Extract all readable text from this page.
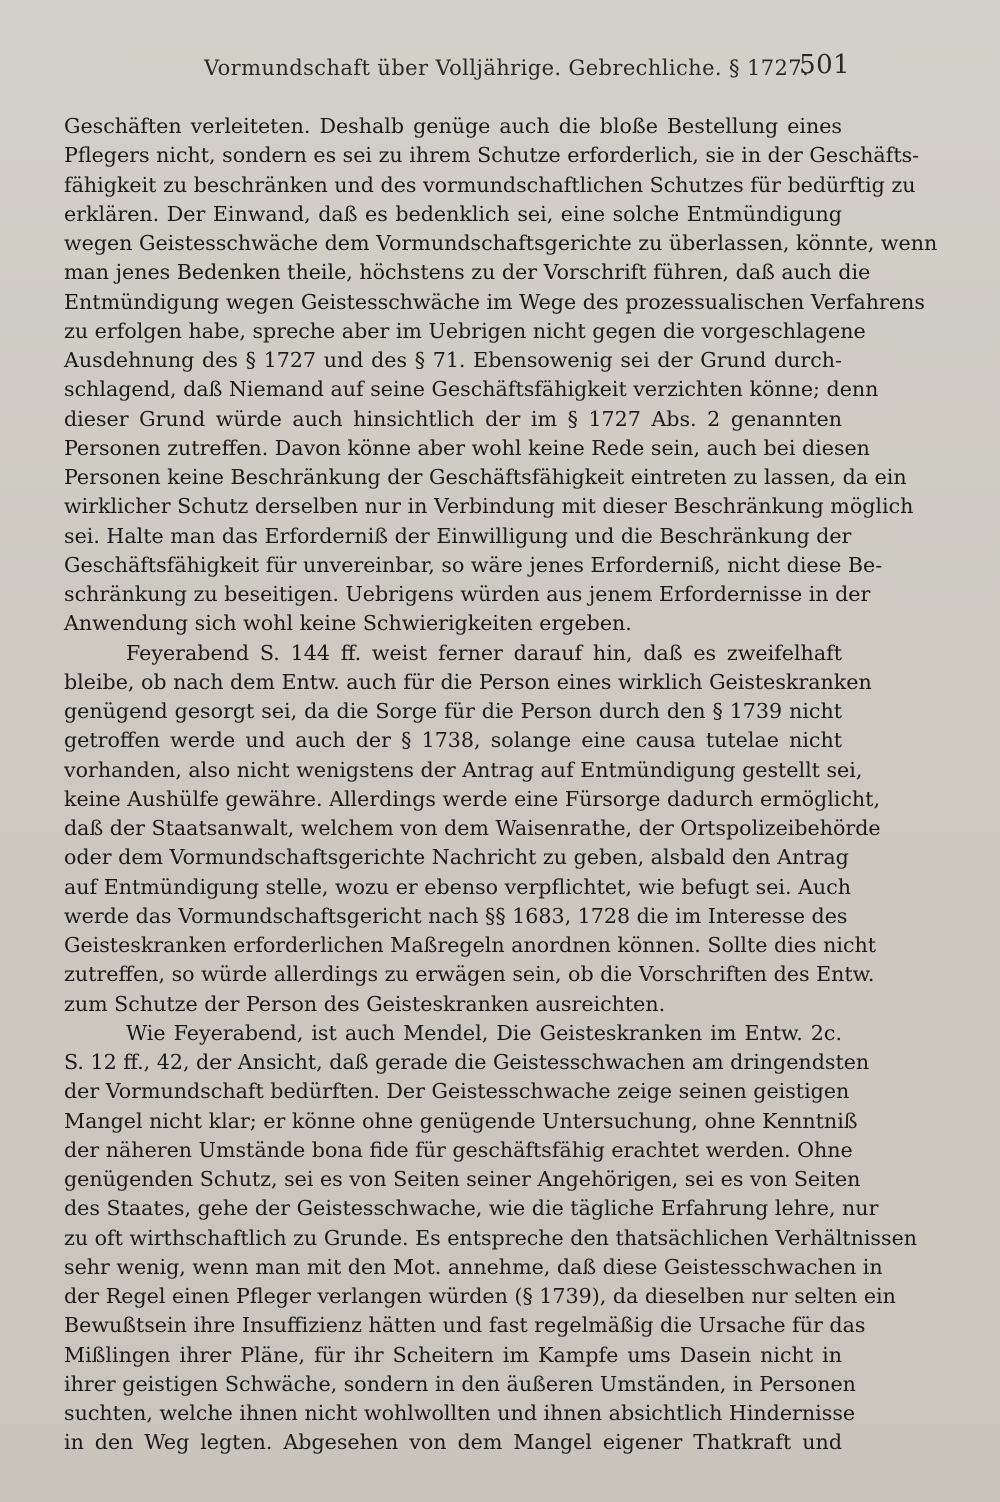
Vormundschaft über Volljährige. Gebrechliche. § 1727.
501
Geschäften verleiteten. Deshalb genüge auch die bloße Bestellung eines
Pflegers nicht, sondern es sei zu ihrem Schutze erforderlich, sie in der Geschäfts-
fähigkeit zu beschränken und des vormundschaftlichen Schutzes für bedürftig zu
erklären. Der Einwand, daß es bedenklich sei, eine solche Entmündigung
wegen Geistesschwäche dem Vormundschaftsgerichte zu überlassen, könnte, wenn
man jenes Bedenken theile, höchstens zu der Vorschrift führen, daß auch die
Entmündigung wegen Geistesschwäche im Wege des prozessualischen Verfahrens
zu erfolgen habe, spreche aber im Uebrigen nicht gegen die vorgeschlagene
Ausdehnung des § 1727 und des § 71. Ebensowenig sei der Grund durch-
schlagend, daß Niemand auf seine Geschäftsfähigkeit verzichten könne; denn
dieser Grund würde auch hinsichtlich der im § 1727 Abs. 2 genannten
Personen zutreffen. Davon könne aber wohl keine Rede sein, auch bei diesen
Personen keine Beschränkung der Geschäftsfähigkeit eintreten zu lassen, da ein
wirklicher Schutz derselben nur in Verbindung mit dieser Beschränkung möglich
sei. Halte man das Erforderniß der Einwilligung und die Beschränkung der
Geschäftsfähigkeit für unvereinbar, so wäre jenes Erforderniß, nicht diese Be-
schränkung zu beseitigen. Uebrigens würden aus jenem Erfordernisse in der
Anwendung sich wohl keine Schwierigkeiten ergeben.
Feyerabend S. 144 ff. weist ferner darauf hin, daß es zweifelhaft
bleibe, ob nach dem Entw. auch für die Person eines wirklich Geisteskranken
genügend gesorgt sei, da die Sorge für die Person durch den § 1739 nicht
getroffen werde und auch der § 1738, solange eine causa tutelae nicht
vorhanden, also nicht wenigstens der Antrag auf Entmündigung gestellt sei,
keine Aushülfe gewähre. Allerdings werde eine Fürsorge dadurch ermöglicht,
daß der Staatsanwalt, welchem von dem Waisenrathe, der Ortspolizeibehörde
oder dem Vormundschaftsgerichte Nachricht zu geben, alsbald den Antrag
auf Entmündigung stelle, wozu er ebenso verpflichtet, wie befugt sei. Auch
werde das Vormundschaftsgericht nach §§ 1683, 1728 die im Interesse des
Geisteskranken erforderlichen Maßregeln anordnen können. Sollte dies nicht
zutreffen, so würde allerdings zu erwägen sein, ob die Vorschriften des Entw.
zum Schutze der Person des Geisteskranken ausreichten.
Wie Feyerabend, ist auch Mendel, Die Geisteskranken im Entw. 2c.
S. 12 ff., 42, der Ansicht, daß gerade die Geistesschwachen am dringendsten
der Vormundschaft bedürften. Der Geistesschwache zeige seinen geistigen
Mangel nicht klar; er könne ohne genügende Untersuchung, ohne Kenntniß
der näheren Umstände bona fide für geschäftsfähig erachtet werden. Ohne
genügenden Schutz, sei es von Seiten seiner Angehörigen, sei es von Seiten
des Staates, gehe der Geistesschwache, wie die tägliche Erfahrung lehre, nur
zu oft wirthschaftlich zu Grunde. Es entspreche den thatsächlichen Verhältnissen
sehr wenig, wenn man mit den Mot. annehme, daß diese Geistesschwachen in
der Regel einen Pfleger verlangen würden (§ 1739), da dieselben nur selten ein
Bewußtsein ihre Insuffizienz hätten und fast regelmäßig die Ursache für das
Mißlingen ihrer Pläne, für ihr Scheitern im Kampfe ums Dasein nicht in
ihrer geistigen Schwäche, sondern in den äußeren Umständen, in Personen
suchten, welche ihnen nicht wohlwollten und ihnen absichtlich Hindernisse
in den Weg legten. Abgesehen von dem Mangel eigener Thatkraft und
